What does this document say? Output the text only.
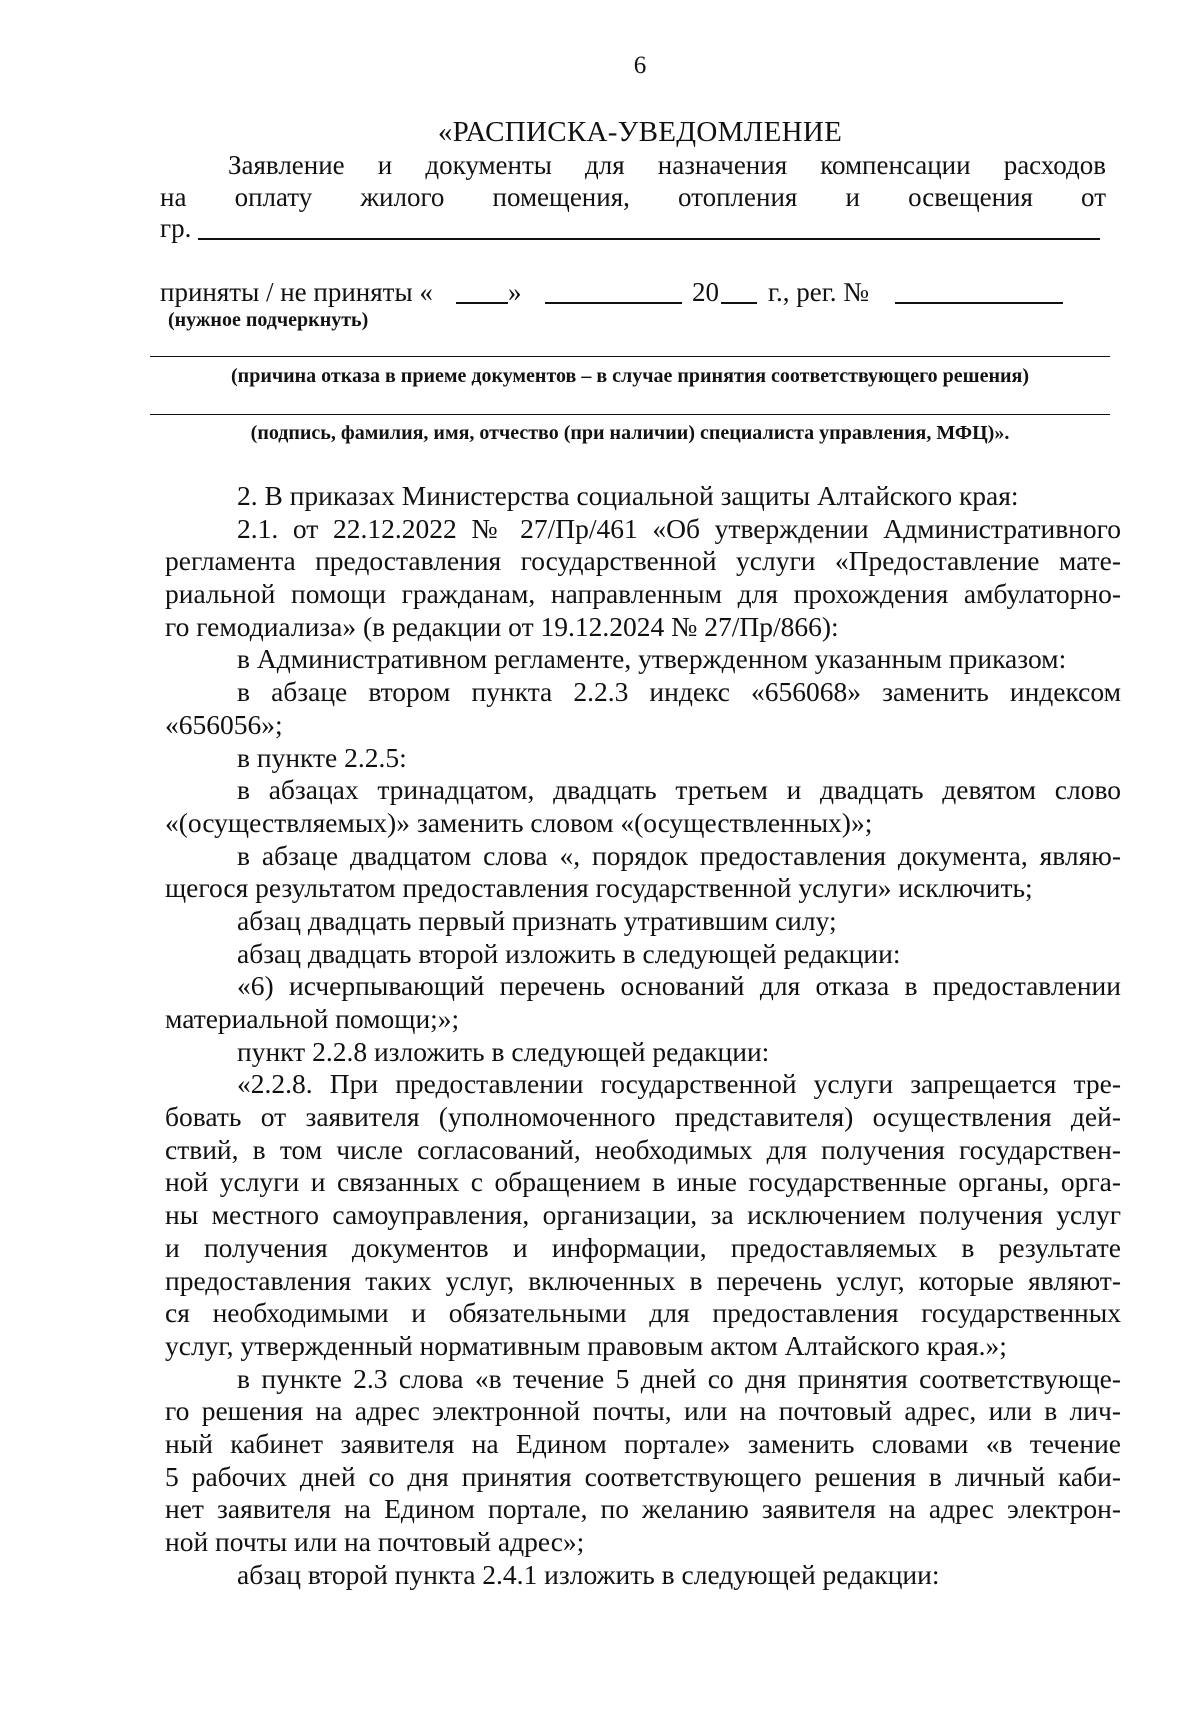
6
«РАСПИСКА-УВЕДОМЛЕНИЕ
Заявление и документы для назначения компенсации расходов
на оплату жилого помещения, отопления и освещения от
гр.
приняты / не приняты «	»	20 г., рег. №
(нужное подчеркнуть)
(причина отказа в приеме документов – в случае принятия соответствующего решения)
(подпись, фамилия, имя, отчество (при наличии) специалиста управления, МФЦ)».
2. В приказах Министерства социальной защиты Алтайского края:
2.1. от 22.12.2022 № 27/Пр/461 «Об утверждении Административного
регламента предоставления государственной услуги «Предоставление мате-
риальной помощи гражданам, направленным для прохождения амбулаторно-
го гемодиализа» (в редакции от 19.12.2024 № 27/Пр/866):
в Административном регламенте, утвержденном указанным приказом:
в абзаце втором пункта 2.2.3 индекс «656068» заменить индексом
«656056»;
в пункте 2.2.5:
в абзацах тринадцатом, двадцать третьем и двадцать девятом слово
«(осуществляемых)» заменить словом «(осуществленных)»;
в абзаце двадцатом слова «, порядок предоставления документа, являю-
щегося результатом предоставления государственной услуги» исключить;
абзац двадцать первый признать утратившим силу;
абзац двадцать второй изложить в следующей редакции:
«6) исчерпывающий перечень оснований для отказа в предоставлении
материальной помощи;»;
пункт 2.2.8 изложить в следующей редакции:
«2.2.8. При предоставлении государственной услуги запрещается тре-
бовать от заявителя (уполномоченного представителя) осуществления дей-
ствий, в том числе согласований, необходимых для получения государствен-
ной услуги и связанных с обращением в иные государственные органы, орга-
ны местного самоуправления, организации, за исключением получения услуг
и получения документов и информации, предоставляемых в результате
предоставления таких услуг, включенных в перечень услуг, которые являют-
ся необходимыми и обязательными для предоставления государственных
услуг, утвержденный нормативным правовым актом Алтайского края.»;
в пункте 2.3 слова «в течение 5 дней со дня принятия соответствующе-
го решения на адрес электронной почты, или на почтовый адрес, или в лич-
ный кабинет заявителя на Едином портале» заменить словами «в течение
5 рабочих дней со дня принятия соответствующего решения в личный каби-
нет заявителя на Едином портале, по желанию заявителя на адрес электрон-
ной почты или на почтовый адрес»;
абзац второй пункта 2.4.1 изложить в следующей редакции:
